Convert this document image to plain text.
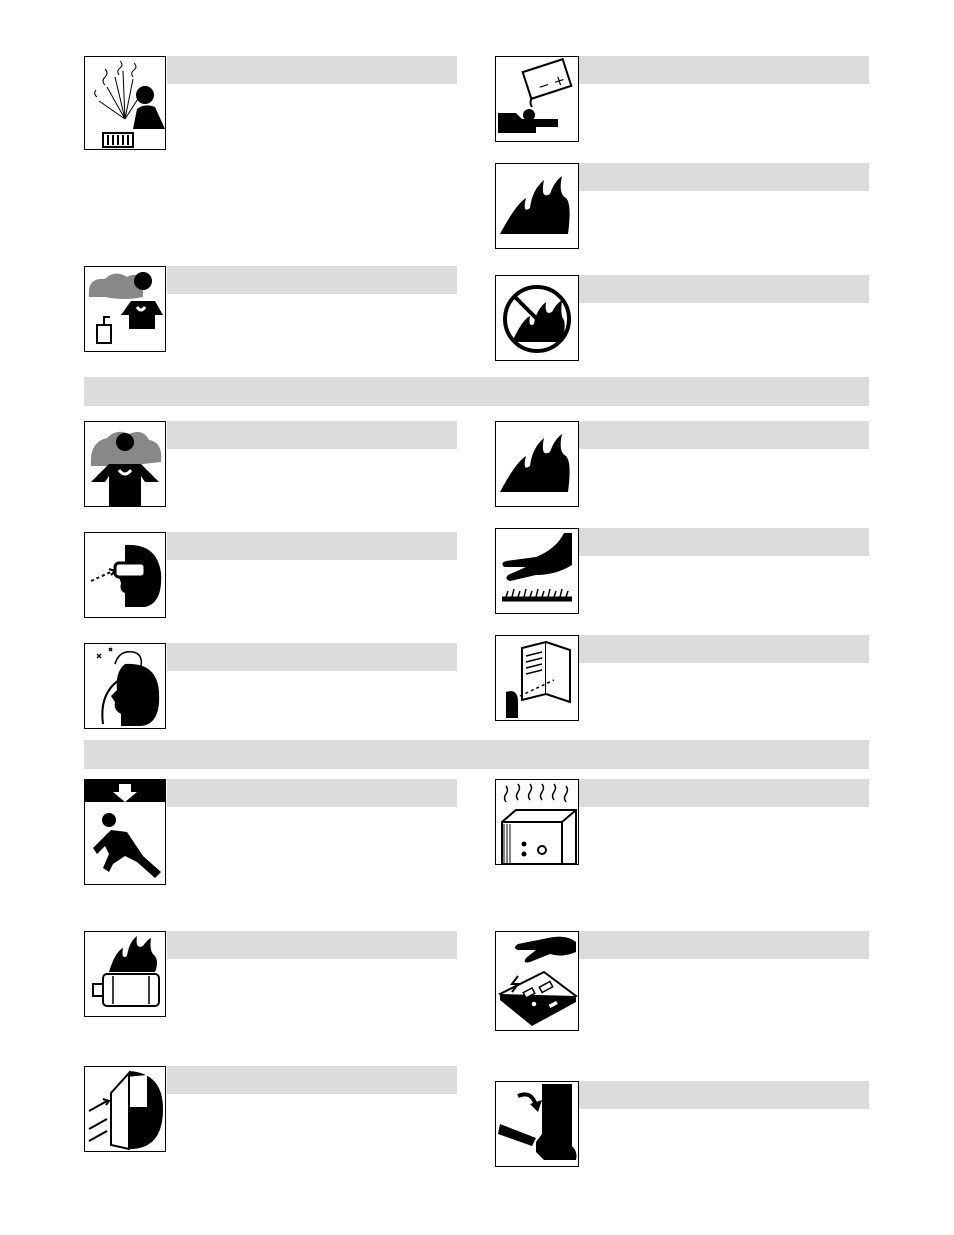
− +
